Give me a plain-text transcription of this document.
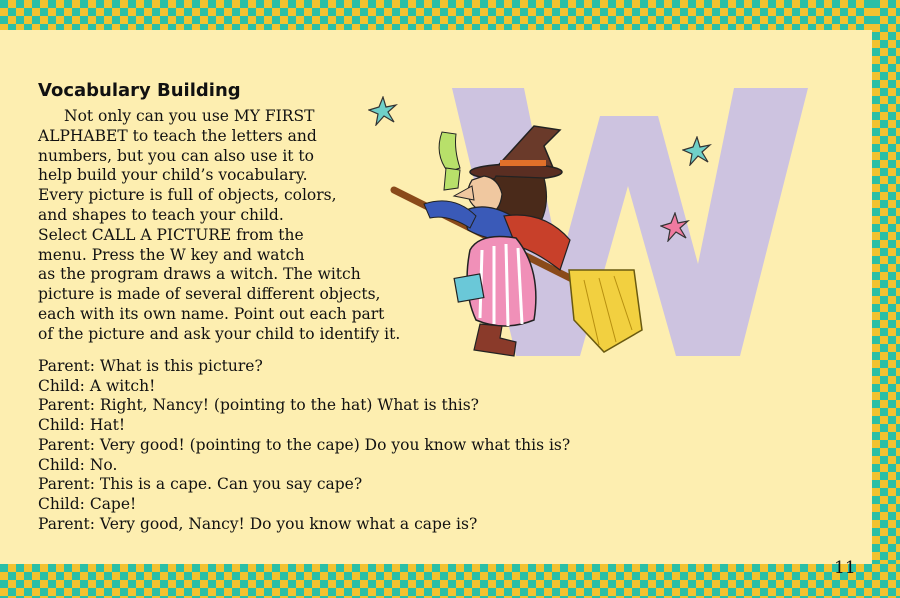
Vocabulary Building
Not only can you use MY FIRST
ALPHABET to teach the letters and
numbers, but you can also use it to
help build your child’s vocabulary.
Every picture is full of objects, colors,
and shapes to teach your child.
Select CALL A PICTURE from the
menu. Press the W key and watch
as the program draws a witch. The witch
picture is made of several different objects,
each with its own name. Point out each part
of the picture and ask your child to identify it.
Parent: What is this picture?
Child: A witch!
Parent: Right, Nancy! (pointing to the hat) What is this?
Child: Hat!
Parent: Very good! (pointing to the cape) Do you know what this is?
Child: No.
Parent: This is a cape. Can you say cape?
Child: Cape!
Parent: Very good, Nancy! Do you know what a cape is?
11
